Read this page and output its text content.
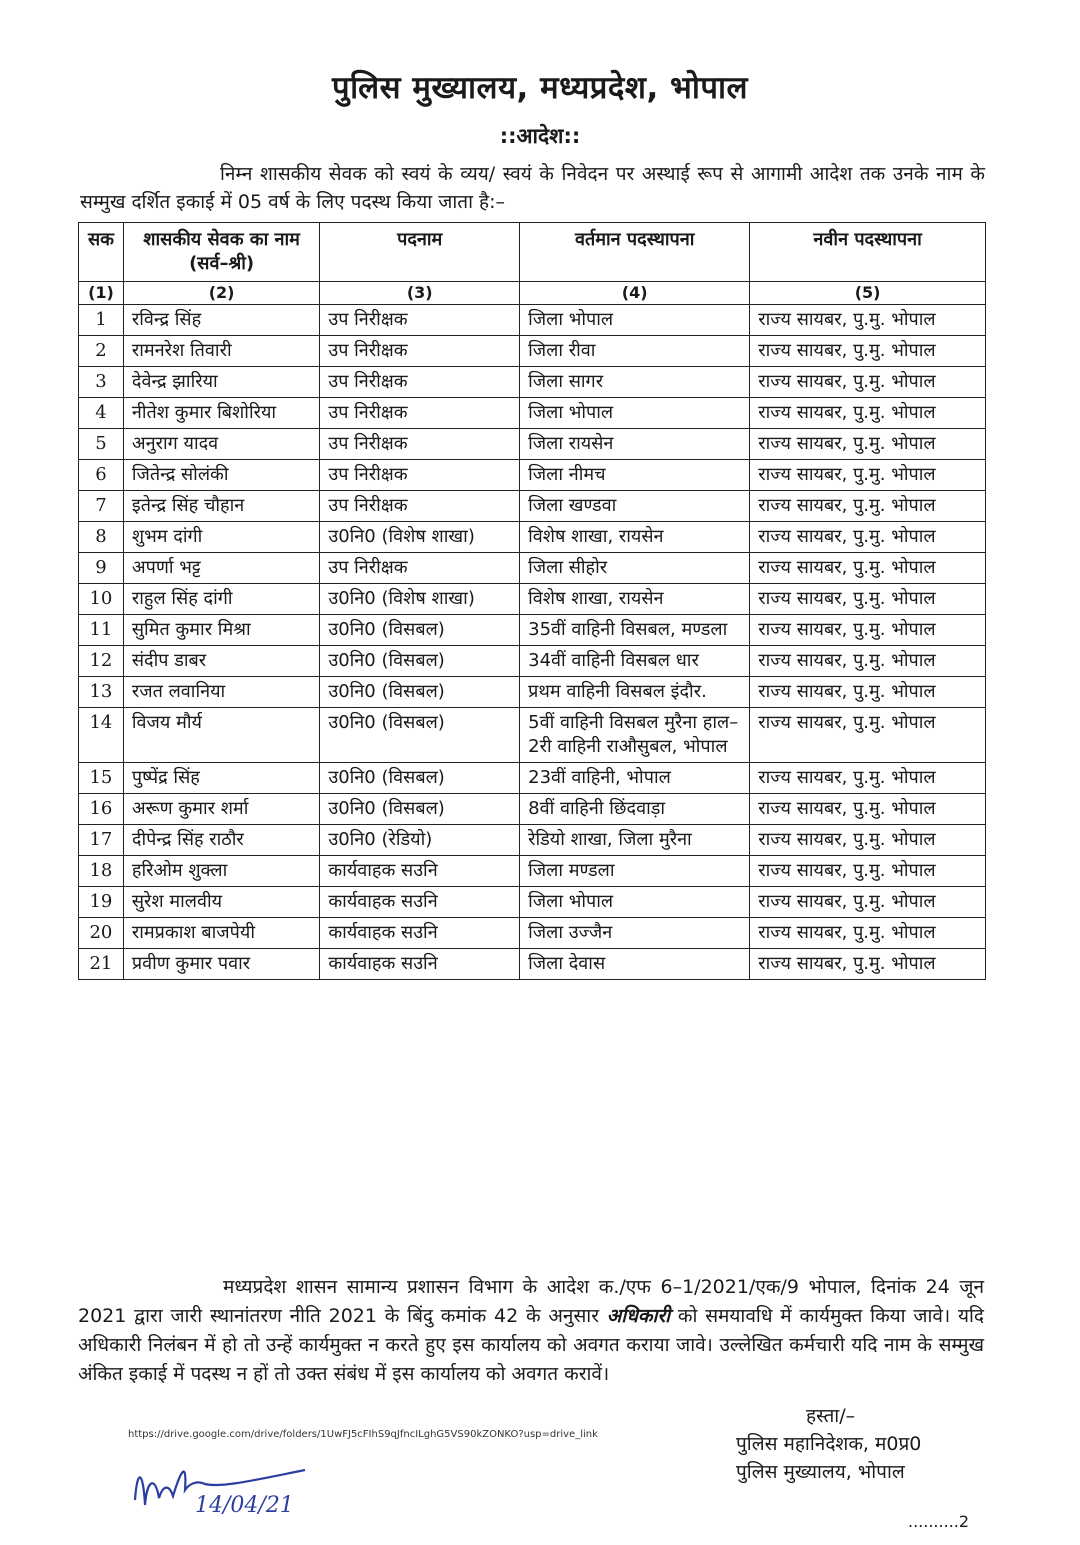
पुलिस मुख्यालय, मध्यप्रदेश, भोपाल
::आदेश::
निम्न शासकीय सेवक को स्वयं के व्यय/ स्वयं के निवेदन पर अस्थाई रूप से आगामी आदेश तक उनके नाम के सम्मुख दर्शित इकाई में 05 वर्ष के लिए पदस्थ किया जाता है:–
सक	शासकीय सेवक का नाम (सर्व–श्री)	पदनाम	वर्तमान पदस्थापना	नवीन पदस्थापना
(1)	(2)	(3)	(4)	(5)
1	रविन्द्र सिंह	उप निरीक्षक	जिला भोपाल	राज्य सायबर, पु.मु. भोपाल
2	रामनरेश तिवारी	उप निरीक्षक	जिला रीवा	राज्य सायबर, पु.मु. भोपाल
3	देवेन्द्र झारिया	उप निरीक्षक	जिला सागर	राज्य सायबर, पु.मु. भोपाल
4	नीतेश कुमार बिशोरिया	उप निरीक्षक	जिला भोपाल	राज्य सायबर, पु.मु. भोपाल
5	अनुराग यादव	उप निरीक्षक	जिला रायसेन	राज्य सायबर, पु.मु. भोपाल
6	जितेन्द्र सोलंकी	उप निरीक्षक	जिला नीमच	राज्य सायबर, पु.मु. भोपाल
7	इतेन्द्र सिंह चौहान	उप निरीक्षक	जिला खण्डवा	राज्य सायबर, पु.मु. भोपाल
8	शुभम दांगी	उ0नि0 (विशेष शाखा)	विशेष शाखा, रायसेन	राज्य सायबर, पु.मु. भोपाल
9	अपर्णा भट्ट	उप निरीक्षक	जिला सीहोर	राज्य सायबर, पु.मु. भोपाल
10	राहुल सिंह दांगी	उ0नि0 (विशेष शाखा)	विशेष शाखा, रायसेन	राज्य सायबर, पु.मु. भोपाल
11	सुमित कुमार मिश्रा	उ0नि0 (विसबल)	35वीं वाहिनी विसबल, मण्डला	राज्य सायबर, पु.मु. भोपाल
12	संदीप डाबर	उ0नि0 (विसबल)	34वीं वाहिनी विसबल धार	राज्य सायबर, पु.मु. भोपाल
13	रजत लवानिया	उ0नि0 (विसबल)	प्रथम वाहिनी विसबल इंदौर.	राज्य सायबर, पु.मु. भोपाल
14	विजय मौर्य	उ0नि0 (विसबल)	5वीं वाहिनी विसबल मुरैना हाल– 2री वाहिनी राऔसुबल, भोपाल	राज्य सायबर, पु.मु. भोपाल
15	पुष्पेंद्र सिंह	उ0नि0 (विसबल)	23वीं वाहिनी, भोपाल	राज्य सायबर, पु.मु. भोपाल
16	अरूण कुमार शर्मा	उ0नि0 (विसबल)	8वीं वाहिनी छिंदवाड़ा	राज्य सायबर, पु.मु. भोपाल
17	दीपेन्द्र सिंह राठौर	उ0नि0 (रेडियो)	रेडियो शाखा, जिला मुरैना	राज्य सायबर, पु.मु. भोपाल
18	हरिओम शुक्ला	कार्यवाहक सउनि	जिला मण्डला	राज्य सायबर, पु.मु. भोपाल
19	सुरेश मालवीय	कार्यवाहक सउनि	जिला भोपाल	राज्य सायबर, पु.मु. भोपाल
20	रामप्रकाश बाजपेयी	कार्यवाहक सउनि	जिला उज्जैन	राज्य सायबर, पु.मु. भोपाल
21	प्रवीण कुमार पवार	कार्यवाहक सउनि	जिला देवास	राज्य सायबर, पु.मु. भोपाल
मध्यप्रदेश शासन सामान्य प्रशासन विभाग के आदेश क./एफ 6–1/2021/एक/9 भोपाल, दिनांक 24 जून 2021 द्वारा जारी स्थानांतरण नीति 2021 के बिंदु कमांक 42 के अनुसार अधिकारी को समयावधि में कार्यमुक्त किया जावे। यदि अधिकारी निलंबन में हो तो उन्हें कार्यमुक्त न करते हुए इस कार्यालय को अवगत कराया जावे। उल्लेखित कर्मचारी यदि नाम के सम्मुख अंकित इकाई में पदस्थ न हों तो उक्त संबंध में इस कार्यालय को अवगत करावें।
https://drive.google.com/drive/folders/1UwFJ5cFIhS9qJfncILghG5VS90kZONKO?usp=drive_link
14/04/21
हस्ता/–
पुलिस महानिदेशक, म0प्र0
पुलिस मुख्यालय, भोपाल
..........2
